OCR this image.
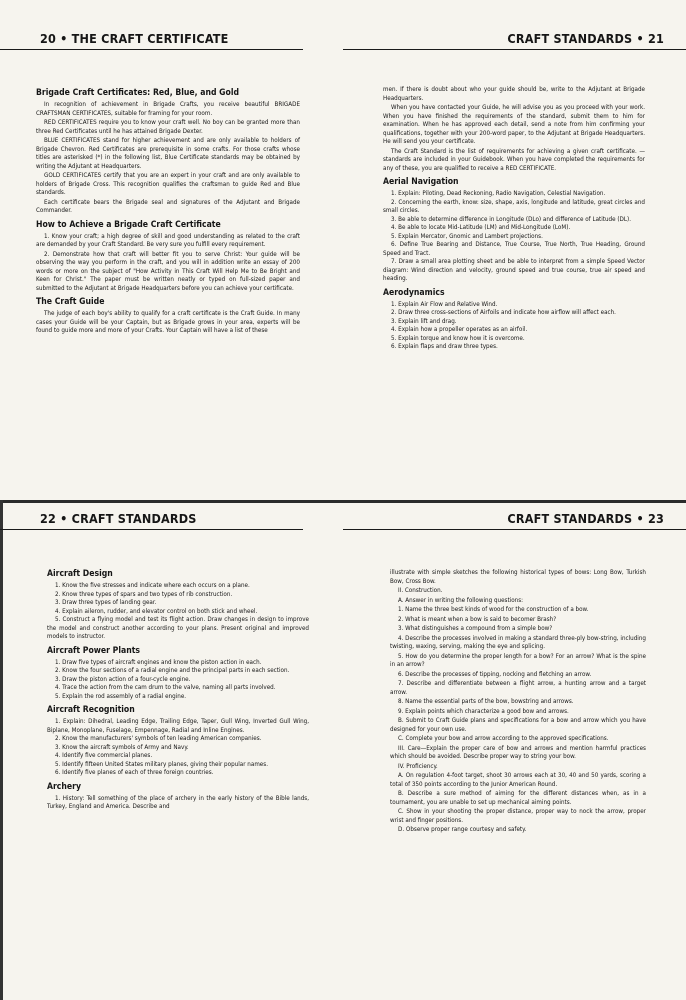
20 • THE CRAFT CERTIFICATE
Brigade Craft Certificates: Red, Blue, and Gold

In recognition of achievement in Brigade Crafts, you receive beautiful BRIGADE CRAFTSMAN CERTIFICATES, suitable for framing for your room.

RED CERTIFICATES require you to know your craft well. No boy can be granted more than three Red Certificates until he has attained Brigade Dexter.

BLUE CERTIFICATES stand for higher achievement and are only available to holders of Brigade Chevron. Red Certificates are prerequisite in some crafts. For those crafts whose titles are asterisked (*) in the following list, Blue Certificate standards may be obtained by writing the Adjutant at Headquarters.

GOLD CERTIFICATES certify that you are an expert in your craft and are only available to holders of Brigade Cross. This recognition qualifies the craftsman to guide Red and Blue standards.

Each certificate bears the Brigade seal and signatures of the Adjutant and Brigade Commander.

How to Achieve a Brigade Craft Certificate

1. Know your craft; a high degree of skill and good understanding as related to the craft are demanded by your Craft Standard. Be very sure you fulfill every requirement.

2. Demonstrate how that craft will better fit you to serve Christ: Your guide will be observing the way you perform in the craft, and you will in addition write an essay of 200 words or more on the subject of "How Activity in This Craft Will Help Me to Be Bright and Keen for Christ." The paper must be written neatly or typed on full-sized paper and submitted to the Adjutant at Brigade Headquarters before you can achieve your certificate.

The Craft Guide

The judge of each boy's ability to qualify for a craft certificate is the Craft Guide. In many cases your Guide will be your Captain, but as Brigade grows in your area, experts will be found to guide more and more of your Crafts. Your Captain will have a list of these

CRAFT STANDARDS • 21

men. If there is doubt about who your guide should be, write to the Adjutant at Brigade Headquarters.

When you have contacted your Guide, he will advise you as you proceed with your work. When you have finished the requirements of the standard, submit them to him for examination. When he has approved each detail, send a note from him confirming your qualifications, together with your 200-word paper, to the Adjutant at Brigade Headquarters. He will send you your certificate.

The Craft Standard is the list of requirements for achieving a given craft certificate. — standards are included in your Guidebook. When you have completed the requirements for any of these, you are qualified to receive a RED CERTIFICATE.

Aerial Navigation
1. Explain: Piloting, Dead Reckoning, Radio Navigation, Celestial Navigation.
2. Concerning the earth, know: size, shape, axis, longitude and latitude, great circles and small circles.
3. Be able to determine difference in Longitude (DLo) and difference of Latitude (DL).
4. Be able to locate Mid-Latitude (LM) and Mid-Longitude (LoM).
5. Explain Mercator, Gnomic and Lambert projections.
6. Define True Bearing and Distance, True Course, True North, True Heading, Ground Speed and Tract.
7. Draw a small area plotting sheet and be able to interpret from a simple Speed Vector diagram: Wind direction and velocity, ground speed and true course, true air speed and heading.
Aerodynamics
1. Explain Air Flow and Relative Wind.
2. Draw three cross-sections of Airfoils and indicate how airflow will affect each.
3. Explain lift and drag.
4. Explain how a propeller operates as an airfoil.
5. Explain torque and know how it is overcome.
6. Explain flaps and draw three types.
22 • CRAFT STANDARDS
Aircraft Design
1. Know the five stresses and indicate where each occurs on a plane.
2. Know three types of spars and two types of rib construction.
3. Draw three types of landing gear.
4. Explain aileron, rudder, and elevator control on both stick and wheel.
5. Construct a flying model and test its flight action. Draw changes in design to improve the model and construct another according to your plans. Present original and improved models to instructor.
Aircraft Power Plants
1. Draw five types of aircraft engines and know the piston action in each.
2. Know the four sections of a radial engine and the principal parts in each section.
3. Draw the piston action of a four-cycle engine.
4. Trace the action from the cam drum to the valve, naming all parts involved.
5. Explain the rod assembly of a radial engine.
Aircraft Recognition
1. Explain: Dihedral, Leading Edge, Trailing Edge, Taper, Gull Wing, Inverted Gull Wing, Biplane, Monoplane, Fuselage, Empennage, Radial and Inline Engines.
2. Know the manufacturers' symbols of ten leading American companies.
3. Know the aircraft symbols of Army and Navy.
4. Identify five commercial planes.
5. Identify fifteen United States military planes, giving their popular names.
6. Identify five planes of each of three foreign countries.
Archery
1. History: Tell something of the place of archery in the early history of the Bible lands, Turkey, England and America. Describe and
CRAFT STANDARDS • 23

illustrate with simple sketches the following historical types of bows: Long Bow, Turkish Bow, Cross Bow.

II. Construction.

A. Answer in writing the following questions:

1. Name the three best kinds of wood for the construction of a bow.

2. What is meant when a bow is said to becomer Brash?

3. What distinguishes a compound from a simple bow?

4. Describe the processes involved in making a standard three-ply bow-string, including twisting, waxing, serving, making the eye and splicing.

5. How do you determine the proper length for a bow? For an arrow? What is the spine in an arrow?

6. Describe the processes of tipping, nocking and fletching an arrow.

7. Describe and differentiate between a flight arrow, a hunting arrow and a target arrow.

8. Name the essential parts of the bow, bowstring and arrows.

9. Explain points which characterize a good bow and arrows.

B. Submit to Craft Guide plans and specifications for a bow and arrow which you have designed for your own use.

C. Complete your bow and arrow according to the approved specifications.

III. Care—Explain the proper care of bow and arrows and mention harmful practices which should be avoided. Describe proper way to string your bow.

IV. Proficiency.

A. On regulation 4-foot target, shoot 30 arrows each at 30, 40 and 50 yards, scoring a total of 350 points according to the Junior American Round.

B. Describe a sure method of aiming for the different distances when, as in a tournament, you are unable to set up mechanical aiming points.

C. Show in your shooting the proper distance, proper way to nock the arrow, proper wrist and finger positions.

D. Observe proper range courtesy and safety.
